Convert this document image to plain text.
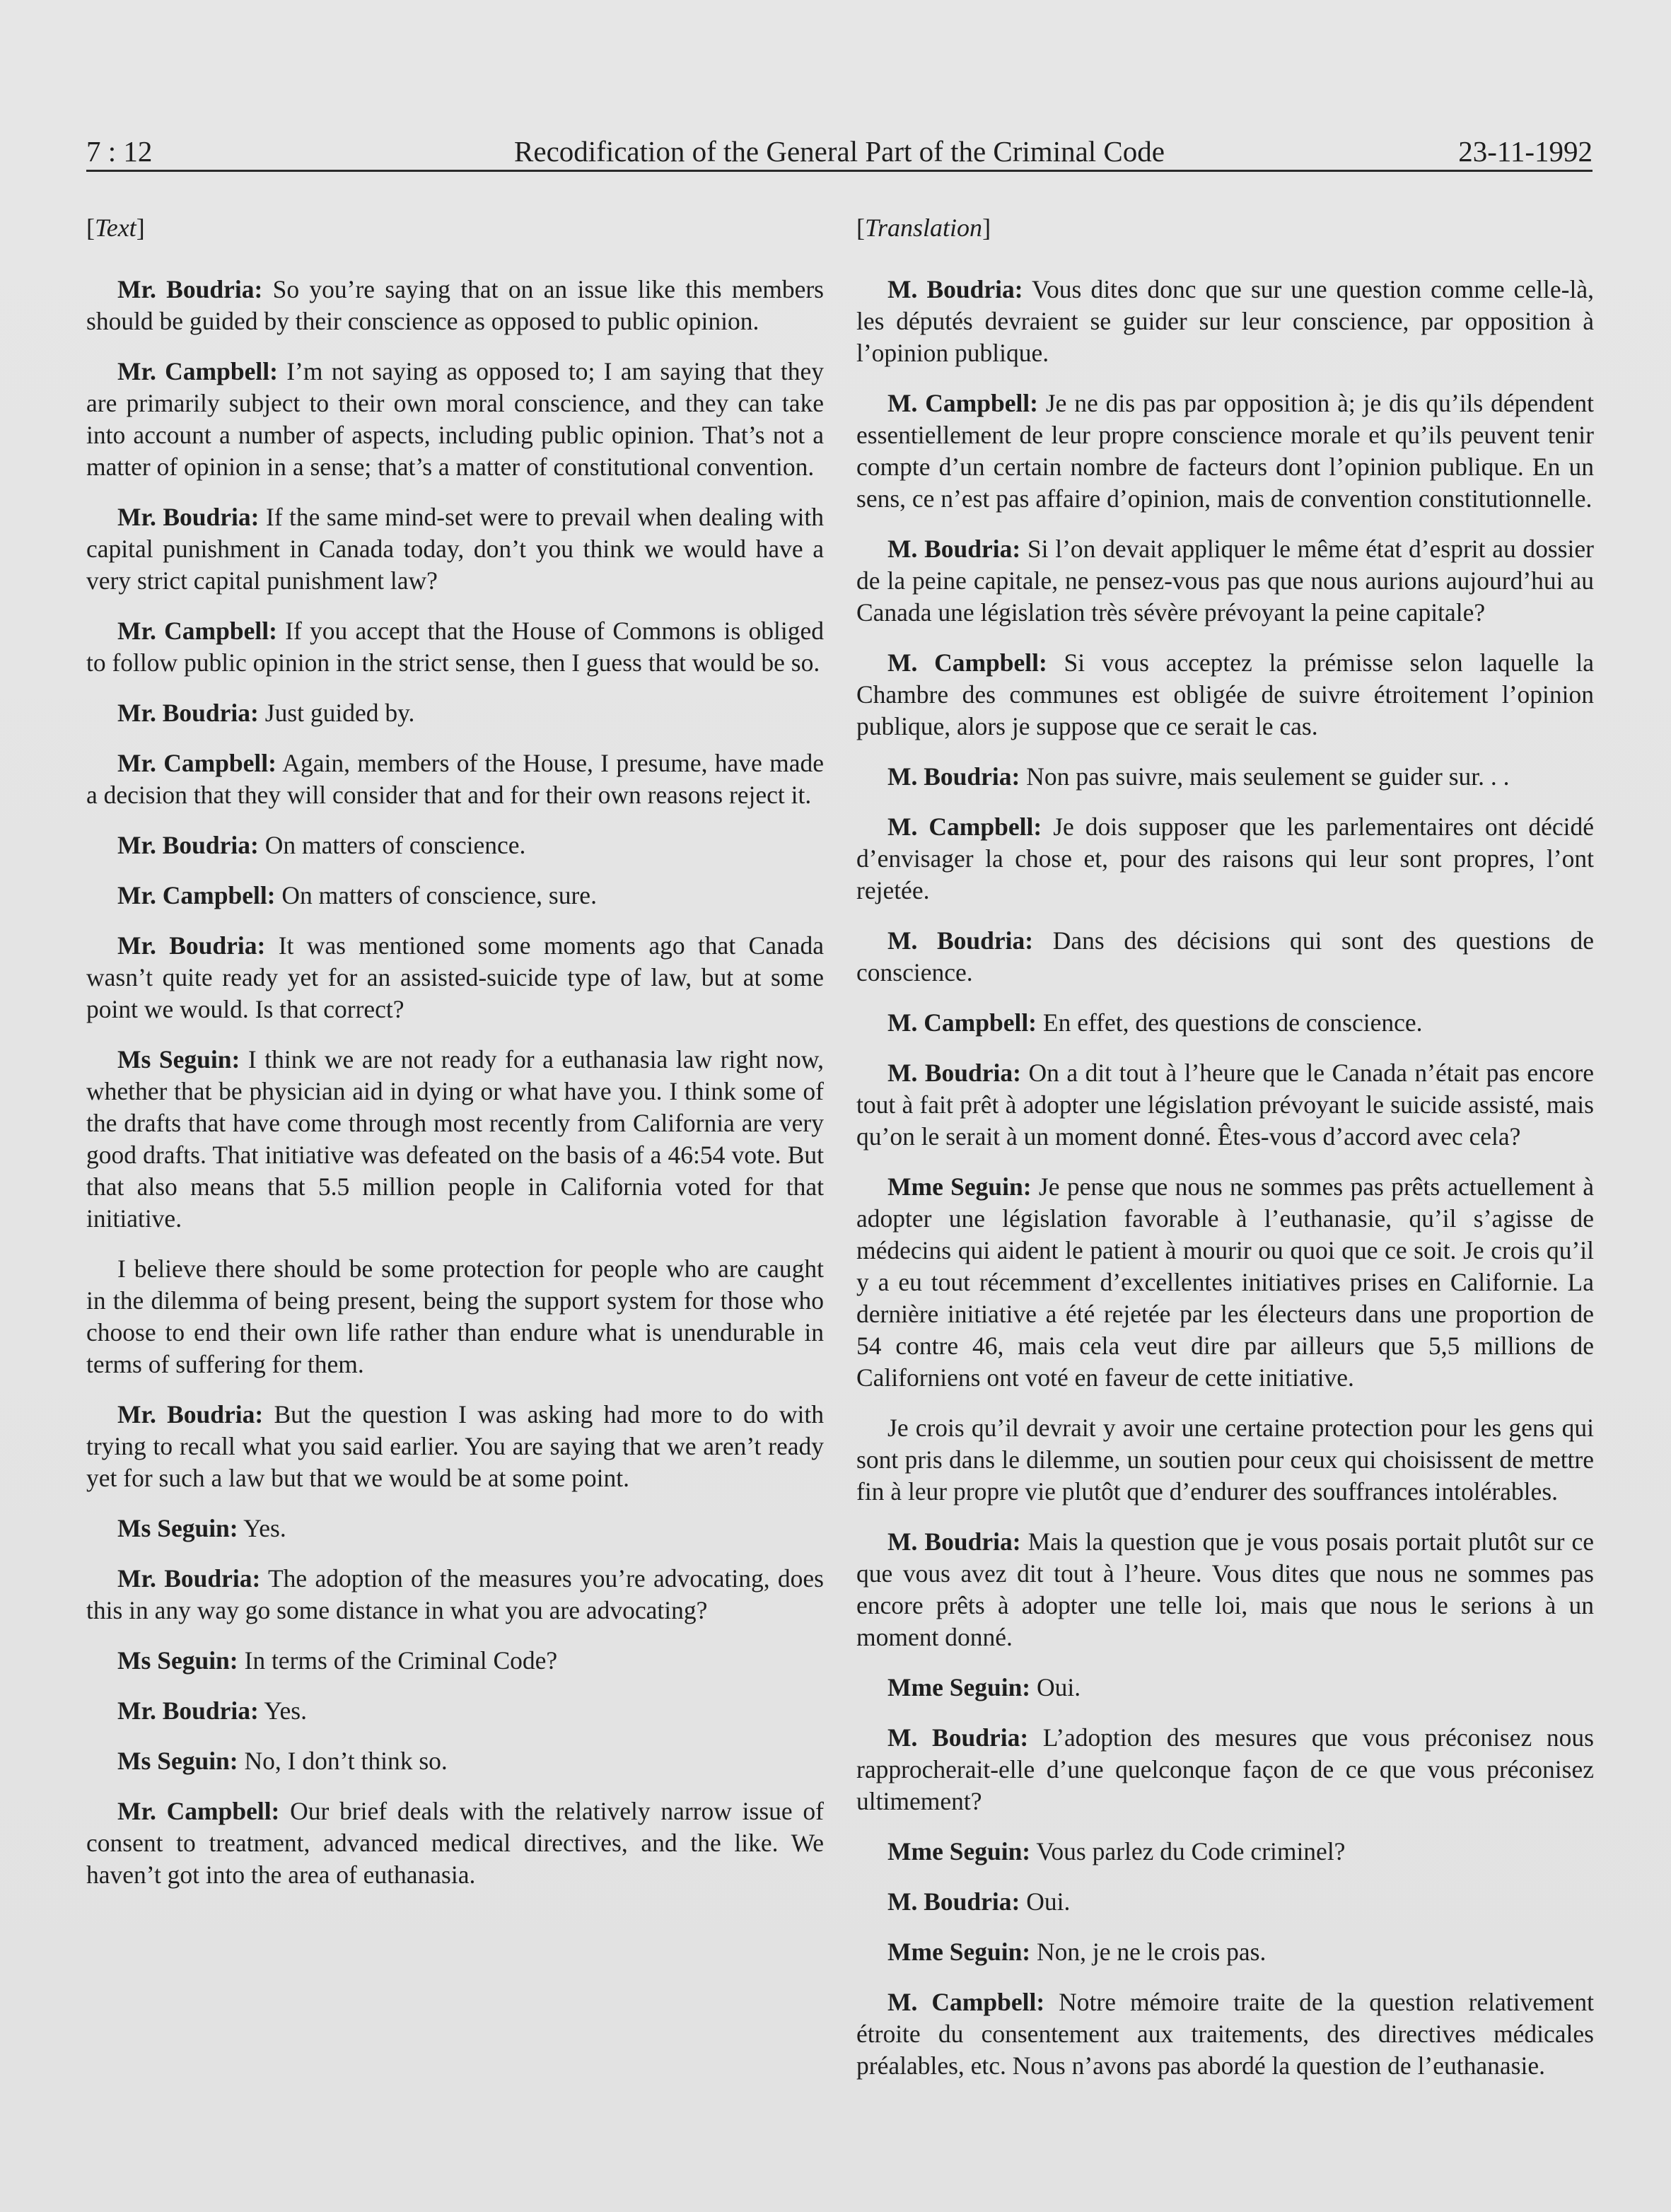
7 : 12	Recodification of the General Part of the Criminal Code	23-11-1992
[Text]
Mr. Boudria: So you’re saying that on an issue like this members should be guided by their conscience as opposed to public opinion.
Mr. Campbell: I’m not saying as opposed to; I am saying that they are primarily subject to their own moral conscience, and they can take into account a number of aspects, including public opinion. That’s not a matter of opinion in a sense; that’s a matter of constitutional convention.
Mr. Boudria: If the same mind-set were to prevail when dealing with capital punishment in Canada today, don’t you think we would have a very strict capital punishment law?
Mr. Campbell: If you accept that the House of Commons is obliged to follow public opinion in the strict sense, then I guess that would be so.
Mr. Boudria: Just guided by.
Mr. Campbell: Again, members of the House, I presume, have made a decision that they will consider that and for their own reasons reject it.
Mr. Boudria: On matters of conscience.
Mr. Campbell: On matters of conscience, sure.
Mr. Boudria: It was mentioned some moments ago that Canada wasn’t quite ready yet for an assisted-suicide type of law, but at some point we would. Is that correct?
Ms Seguin: I think we are not ready for a euthanasia law right now, whether that be physician aid in dying or what have you. I think some of the drafts that have come through most recently from California are very good drafts. That initiative was defeated on the basis of a 46:54 vote. But that also means that 5.5 million people in California voted for that initiative.
I believe there should be some protection for people who are caught in the dilemma of being present, being the support system for those who choose to end their own life rather than endure what is unendurable in terms of suffering for them.
Mr. Boudria: But the question I was asking had more to do with trying to recall what you said earlier. You are saying that we aren’t ready yet for such a law but that we would be at some point.
Ms Seguin: Yes.
Mr. Boudria: The adoption of the measures you’re advocating, does this in any way go some distance in what you are advocating?
Ms Seguin: In terms of the Criminal Code?
Mr. Boudria: Yes.
Ms Seguin: No, I don’t think so.
Mr. Campbell: Our brief deals with the relatively narrow issue of consent to treatment, advanced medical directives, and the like. We haven’t got into the area of euthanasia.
[Translation]
M. Boudria: Vous dites donc que sur une question comme celle-là, les députés devraient se guider sur leur conscience, par opposition à l’opinion publique.
M. Campbell: Je ne dis pas par opposition à; je dis qu’ils dépendent essentiellement de leur propre conscience morale et qu’ils peuvent tenir compte d’un certain nombre de facteurs dont l’opinion publique. En un sens, ce n’est pas affaire d’opinion, mais de convention constitutionnelle.
M. Boudria: Si l’on devait appliquer le même état d’esprit au dossier de la peine capitale, ne pensez-vous pas que nous aurions aujourd’hui au Canada une législation très sévère prévoyant la peine capitale?
M. Campbell: Si vous acceptez la prémisse selon laquelle la Chambre des communes est obligée de suivre étroitement l’opinion publique, alors je suppose que ce serait le cas.
M. Boudria: Non pas suivre, mais seulement se guider sur. . .
M. Campbell: Je dois supposer que les parlementaires ont décidé d’envisager la chose et, pour des raisons qui leur sont propres, l’ont rejetée.
M. Boudria: Dans des décisions qui sont des questions de conscience.
M. Campbell: En effet, des questions de conscience.
M. Boudria: On a dit tout à l’heure que le Canada n’était pas encore tout à fait prêt à adopter une législation prévoyant le suicide assisté, mais qu’on le serait à un moment donné. Êtes-vous d’accord avec cela?
Mme Seguin: Je pense que nous ne sommes pas prêts actuellement à adopter une législation favorable à l’euthanasie, qu’il s’agisse de médecins qui aident le patient à mourir ou quoi que ce soit. Je crois qu’il y a eu tout récemment d’excellentes initiatives prises en Californie. La dernière initiative a été rejetée par les électeurs dans une proportion de 54 contre 46, mais cela veut dire par ailleurs que 5,5 millions de Californiens ont voté en faveur de cette initiative.
Je crois qu’il devrait y avoir une certaine protection pour les gens qui sont pris dans le dilemme, un soutien pour ceux qui choisissent de mettre fin à leur propre vie plutôt que d’endurer des souffrances intolérables.
M. Boudria: Mais la question que je vous posais portait plutôt sur ce que vous avez dit tout à l’heure. Vous dites que nous ne sommes pas encore prêts à adopter une telle loi, mais que nous le serions à un moment donné.
Mme Seguin: Oui.
M. Boudria: L’adoption des mesures que vous préconisez nous rapprocherait-elle d’une quelconque façon de ce que vous préconisez ultimement?
Mme Seguin: Vous parlez du Code criminel?
M. Boudria: Oui.
Mme Seguin: Non, je ne le crois pas.
M. Campbell: Notre mémoire traite de la question relativement étroite du consentement aux traitements, des directives médicales préalables, etc. Nous n’avons pas abordé la question de l’euthanasie.
